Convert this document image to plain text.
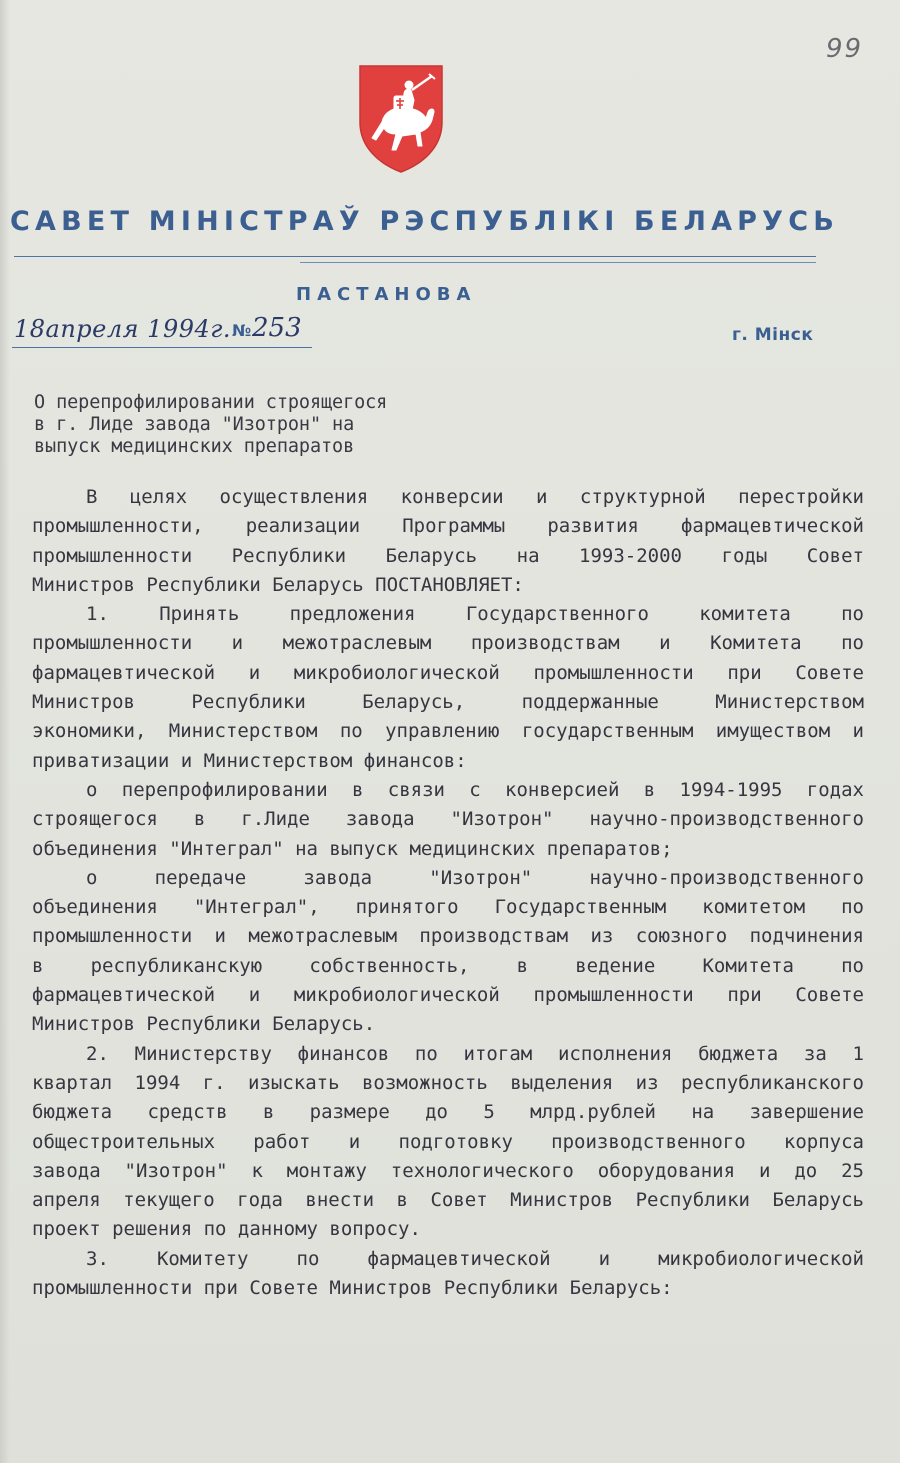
99
САВЕТ МІНІСТРАЎ РЭСПУБЛІКІ БЕЛАРУСЬ
ПАСТАНОВА
18апреля 1994г. № 253	г. Мінск
О перепрофилировании строящегося
в г. Лиде завода "Изотрон" на
выпуск медицинских препаратов
В целях осуществления конверсии и структурной перестройки
промышленности, реализации Программы развития фармацевтической
промышленности Республики Беларусь на 1993-2000 годы Совет
Министров Республики Беларусь ПОСТАНОВЛЯЕТ:
1. Принять предложения Государственного комитета по
промышленности и межотраслевым производствам и Комитета по
фармацевтической и микробиологической промышленности при Совете
Министров Республики Беларусь, поддержанные Министерством
экономики, Министерством по управлению государственным имуществом и
приватизации и Министерством финансов:
о перепрофилировании в связи с конверсией в 1994-1995 годах
строящегося в г.Лиде завода "Изотрон" научно-производственного
объединения "Интеграл" на выпуск медицинских препаратов;
о передаче завода "Изотрон" научно-производственного
объединения "Интеграл", принятого Государственным комитетом по
промышленности и межотраслевым производствам из союзного подчинения
в республиканскую собственность, в ведение Комитета по
фармацевтической и микробиологической промышленности при Совете
Министров Республики Беларусь.
2. Министерству финансов по итогам исполнения бюджета за 1
квартал 1994 г. изыскать возможность выделения из республиканского
бюджета средств в размере до 5 млрд.рублей на завершение
общестроительных работ и подготовку производственного корпуса
завода "Изотрон" к монтажу технологического оборудования и до 25
апреля текущего года внести в Совет Министров Республики Беларусь
проект решения по данному вопросу.
3. Комитету по фармацевтической и микробиологической
промышленности при Совете Министров Республики Беларусь:
